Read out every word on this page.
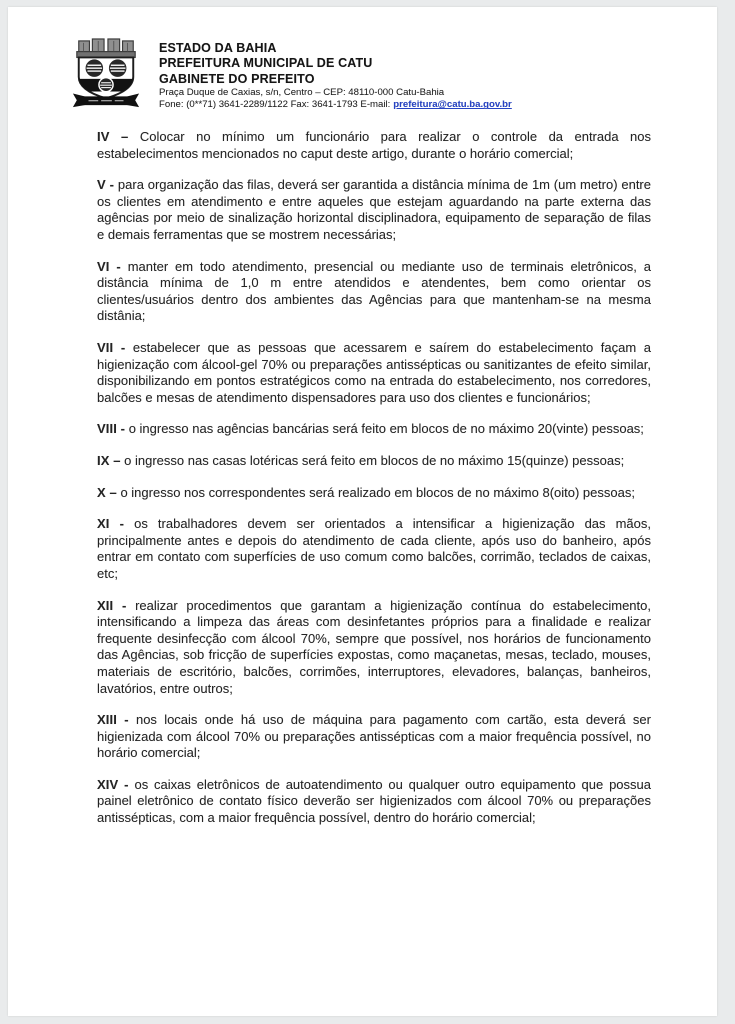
ESTADO DA BAHIA
PREFEITURA MUNICIPAL DE CATU
GABINETE DO PREFEITO
Praça Duque de Caxias, s/n, Centro – CEP: 48110-000 Catu-Bahia
Fone: (0**71) 3641-2289/1122 Fax: 3641-1793 E-mail: prefeitura@catu.ba.gov.br

IV – Colocar no mínimo um funcionário para realizar o controle da entrada nos estabelecimentos mencionados no caput deste artigo, durante o horário comercial;

V - para organização das filas, deverá ser garantida a distância mínima de 1m (um metro) entre os clientes em atendimento e entre aqueles que estejam aguardando na parte externa das agências por meio de sinalização horizontal disciplinadora, equipamento de separação de filas e demais ferramentas que se mostrem necessárias;

VI - manter em todo atendimento, presencial ou mediante uso de terminais eletrônicos, a distância mínima de 1,0 m entre atendidos e atendentes, bem como orientar os clientes/usuários dentro dos ambientes das Agências para que mantenham-se na mesma distânia;

VII - estabelecer que as pessoas que acessarem e saírem do estabelecimento façam a higienização com álcool-gel 70% ou preparações antissépticas ou sanitizantes de efeito similar, disponibilizando em pontos estratégicos como na entrada do estabelecimento, nos corredores, balcões e mesas de atendimento dispensadores para uso dos clientes e funcionários;

VIII - o ingresso nas agências bancárias será feito em blocos de no máximo 20(vinte) pessoas;

IX – o ingresso nas casas lotéricas será feito em blocos de no máximo 15(quinze) pessoas;

X – o ingresso nos correspondentes será realizado em blocos de no máximo 8(oito) pessoas;

XI - os trabalhadores devem ser orientados a intensificar a higienização das mãos, principalmente antes e depois do atendimento de cada cliente, após uso do banheiro, após entrar em contato com superfícies de uso comum como balcões, corrimão, teclados de caixas, etc;

XII - realizar procedimentos que garantam a higienização contínua do estabelecimento, intensificando a limpeza das áreas com desinfetantes próprios para a finalidade e realizar frequente desinfecção com álcool 70%, sempre que possível, nos horários de funcionamento das Agências, sob fricção de superfícies expostas, como maçanetas, mesas, teclado, mouses, materiais de escritório, balcões, corrimões, interruptores, elevadores, balanças, banheiros, lavatórios, entre outros;

XIII - nos locais onde há uso de máquina para pagamento com cartão, esta deverá ser higienizada com álcool 70% ou preparações antissépticas com a maior frequência possível, no horário comercial;

XIV - os caixas eletrônicos de autoatendimento ou qualquer outro equipamento que possua painel eletrônico de contato físico deverão ser higienizados com álcool 70% ou preparações antissépticas, com a maior frequência possível, dentro do horário comercial;
